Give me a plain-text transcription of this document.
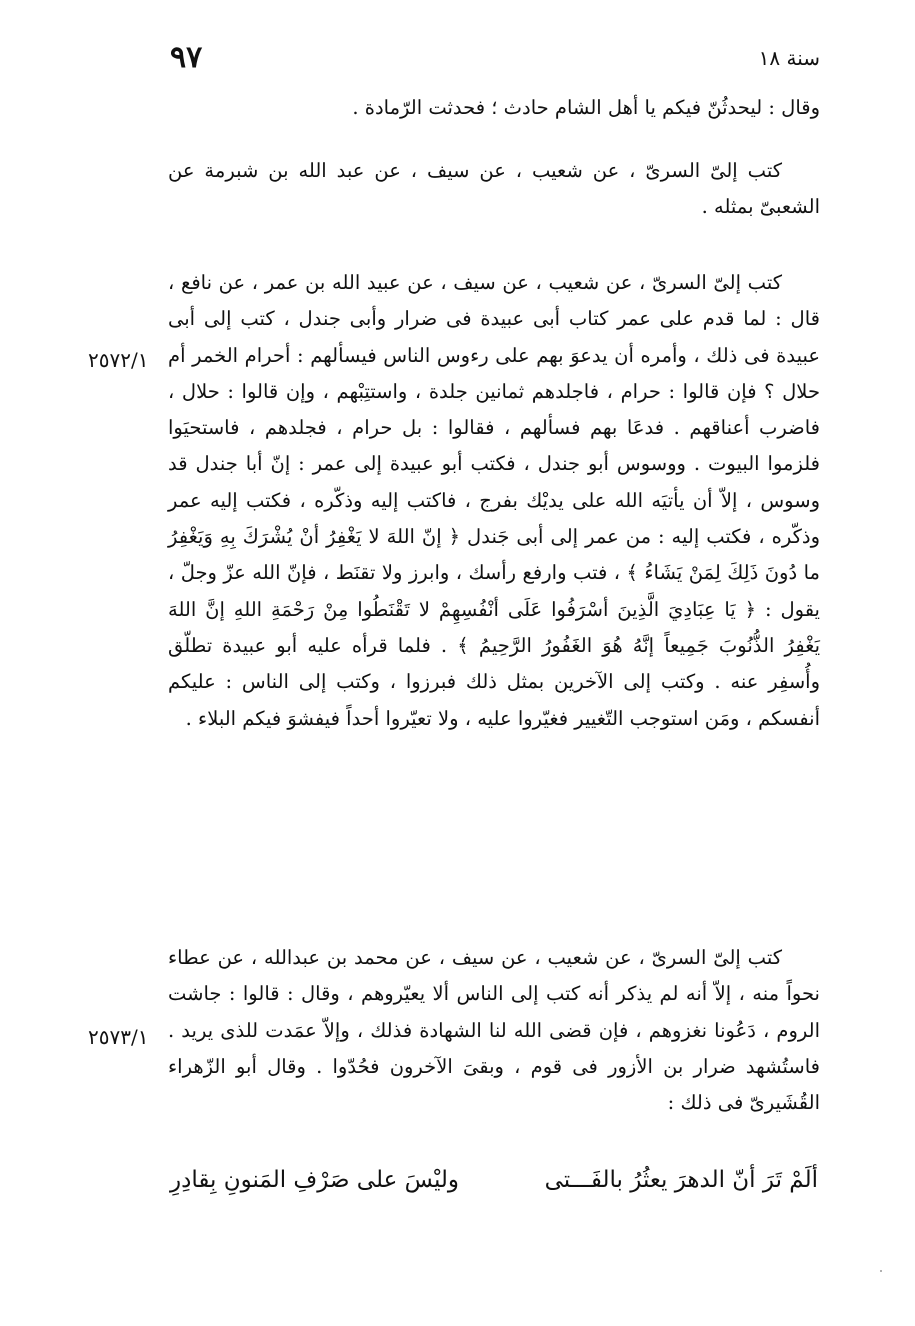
٩٧	سنة ١٨
وقال : ليحدثُنّ فيكم يا أهل الشام حادث ؛ فحدثت الرّمادة .
كتب إلىّ السرىّ ، عن شعيب ، عن سيف ، عن عبد الله بن شبرمة عن الشعبىّ بمثله .
كتب إلىّ السرىّ ، عن شعيب ، عن سيف ، عن عبيد الله بن عمر ، عن نافع ، قال : لما قدم على عمر كتاب أبى عبيدة فى ضرار وأبى جندل ، كتب إلى أبى عبيدة فى ذلك ، وأمره أن يدعوَ بهم على رءوس الناس فيسألهم : أحرام الخمر أم حلال ؟ فإن قالوا : حرام ، فاجلدهم ثمانين جلدة ، واستتِبْهم ، وإن قالوا : حلال ، فاضرب أعناقهم . فدعَا بهم فسألهم ، فقالوا : بل حرام ، فجلدهم ، فاستحيَوا فلزموا البيوت . ووسوس أبو جندل ، فكتب أبو عبيدة إلى عمر : إنّ أبا جندل قد وسوس ، إلاّ أن يأتيَه الله على يديْك بفرج ، فاكتب إليه وذكّره ، فكتب إليه عمر وذكّره ، فكتب إليه : من عمر إلى أبى جَندل ﴿ إنّ اللهَ لا يَغْفِرُ أنْ يُشْرَكَ بِهِ وَيَغْفِرُ ما دُونَ ذَلِكَ لِمَنْ يَشَاءُ ﴾ ، فتب وارفع رأسك ، وابرز ولا تقنَط ، فإنّ الله عزّ وجلّ ، يقول : ﴿ يَا عِبَادِيَ الَّذِينَ أسْرَفُوا عَلَى أنْفُسِهِمْ لا تَقْنَطُوا مِنْ رَحْمَةِ اللهِ إنَّ اللهَ يَغْفِرُ الذُّنُوبَ جَمِيعاً إنَّهُ هُوَ الغَفُورُ الرَّحِيمُ ﴾ . فلما قرأه عليه أبو عبيدة تطلّق وأُسفِر عنه . وكتب إلى الآخرين بمثل ذلك فبرزوا ، وكتب إلى الناس : عليكم أنفسكم ، ومَن استوجب التّغيير فغيّروا عليه ، ولا تعيّروا أحداً فيفشوَ فيكم البلاء .
كتب إلىّ السرىّ ، عن شعيب ، عن سيف ، عن محمد بن عبدالله ، عن عطاء نحواً منه ، إلاّ أنه لم يذكر أنه كتب إلى الناس ألا يعيّروهم ، وقال : قالوا : جاشت الروم ، دَعُونا نغزوهم ، فإن قضى الله لنا الشهادة فذلك ، وإلاّ عمَدت للذى يريد . فاستُشهد ضرار بن الأزور فى قوم ، وبقىَ الآخرون فحُدّوا . وقال أبو الزّهراء القُشَيرىّ فى ذلك :
ألَمْ تَرَ أنّ الدهرَ يعثُرُ بالفَـــتى
وليْسَ على صَرْفِ المَنونِ بِقادِرِ
٢٥٧٢/١
٢٥٧٣/١
